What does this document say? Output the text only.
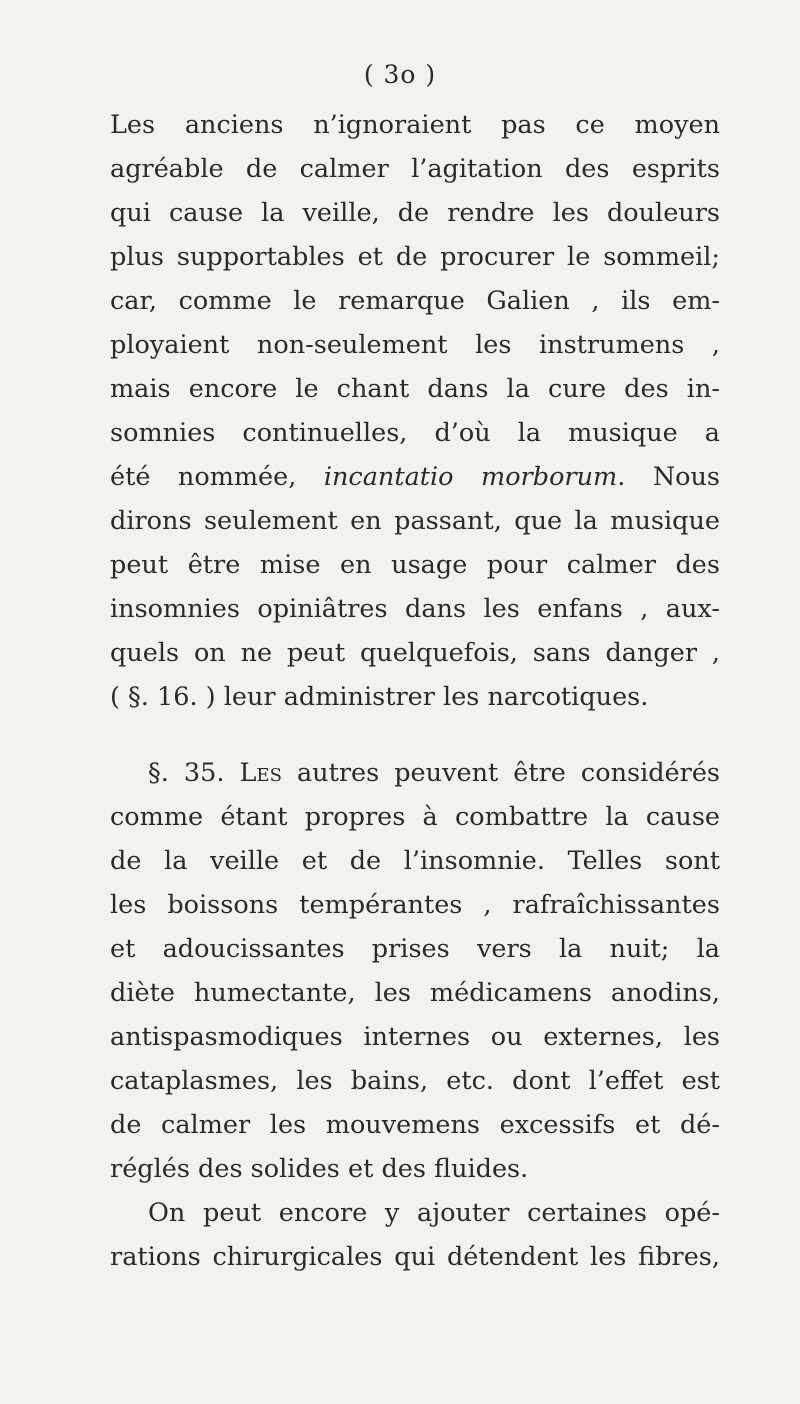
( 3o )
Les anciens n’ignoraient pas ce moyen
agréable de calmer l’agitation des esprits
qui cause la veille, de rendre les douleurs
plus supportables et de procurer le sommeil;
car, comme le remarque Galien , ils em-
ployaient non-seulement les instrumens ,
mais encore le chant dans la cure des in-
somnies continuelles, d’où la musique a
été nommée, incantatio morborum. Nous
dirons seulement en passant, que la musique
peut être mise en usage pour calmer des
insomnies opiniâtres dans les enfans , aux-
quels on ne peut quelquefois, sans danger ,
( §. 16. ) leur administrer les narcotiques.
§. 35. Les autres peuvent être considérés
comme étant propres à combattre la cause
de la veille et de l’insomnie. Telles sont
les boissons tempérantes , rafraîchissantes
et adoucissantes prises vers la nuit; la
diète humectante, les médicamens anodins,
antispasmodiques internes ou externes, les
cataplasmes, les bains, etc. dont l’effet est
de calmer les mouvemens excessifs et dé-
réglés des solides et des fluides.
On peut encore y ajouter certaines opé-
rations chirurgicales qui détendent les fibres,
